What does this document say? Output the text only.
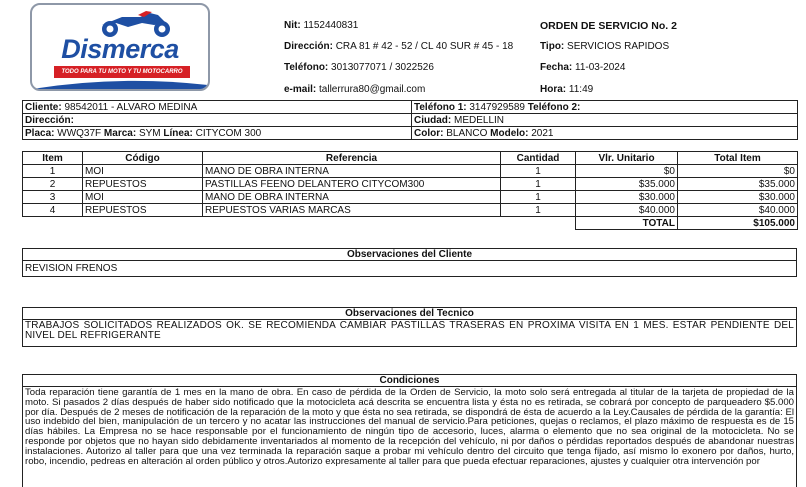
Dismerca
TODO PARA TU MOTO Y TU MOTOCARRO
Nit: 1152440831
Dirección: CRA 81 # 42 - 52 / CL 40 SUR # 45 - 18
Teléfono: 3013077071 / 3022526
e-mail: tallerrura80@gmail.com
ORDEN DE SERVICIO No. 2
Tipo: SERVICIOS RAPIDOS
Fecha: 11-03-2024
Hora: 11:49
Cliente: 98542011 - ALVARO MEDINA	Teléfono 1: 3147929589 Teléfono 2:
Dirección:	Ciudad: MEDELLIN
Placa: WWQ37F Marca: SYM Línea: CITYCOM 300	Color: BLANCO Modelo: 2021
Item	Código	Referencia	Cantidad	Vlr. Unitario	Total Item
1	MOI	MANO DE OBRA INTERNA	1	$0	$0
2	REPUESTOS	PASTILLAS FEENO DELANTERO CITYCOM300	1	$35.000	$35.000
3	MOI	MANO DE OBRA INTERNA	1	$30.000	$30.000
4	REPUESTOS	REPUESTOS VARIAS MARCAS	1	$40.000	$40.000
				TOTAL	$105.000
Observaciones del Cliente
REVISION FRENOS
Observaciones del Tecnico
TRABAJOS SOLICITADOS REALIZADOS OK. SE RECOMIENDA CAMBIAR PASTILLAS TRASERAS EN PROXIMA VISITA EN 1 MES. ESTAR PENDIENTE DEL NIVEL DEL REFRIGERANTE
Condiciones
Toda reparación tiene garantía de 1 mes en la mano de obra. En caso de pérdida de la Orden de Servicio, la moto solo será entregada al titular de la tarjeta de propiedad de la moto. Si pasados 2 días después de haber sido notificado que la motocicleta acá descrita se encuentra lista y ésta no es retirada, se cobrará por concepto de parqueadero $5.000 por día. Después de 2 meses de notificación de la reparación de la moto y que ésta no sea retirada, se dispondrá de ésta de acuerdo a la Ley.Causales de pérdida de la garantía: El uso indebido del bien, manipulación de un tercero y no acatar las instrucciones del manual de servicio.Para peticiones, quejas o reclamos, el plazo máximo de respuesta es de 15 días hábiles. La Empresa no se hace responsable por el funcionamiento de ningún tipo de accesorio, luces, alarma o elemento que no sea original de la motocicleta. No se responde por objetos que no hayan sido debidamente inventariados al momento de la recepción del vehículo, ni por daños o pérdidas reportados después de abandonar nuestras instalaciones. Autorizo al taller para que una vez terminada la reparación saque a probar mi vehículo dentro del circuito que tenga fijado, así mismo lo exonero por daños, hurto, robo, incendio, pedreas en alteración al orden público y otros.Autorizo expresamente al taller para que pueda efectuar reparaciones, ajustes y cualquier otra intervención por
